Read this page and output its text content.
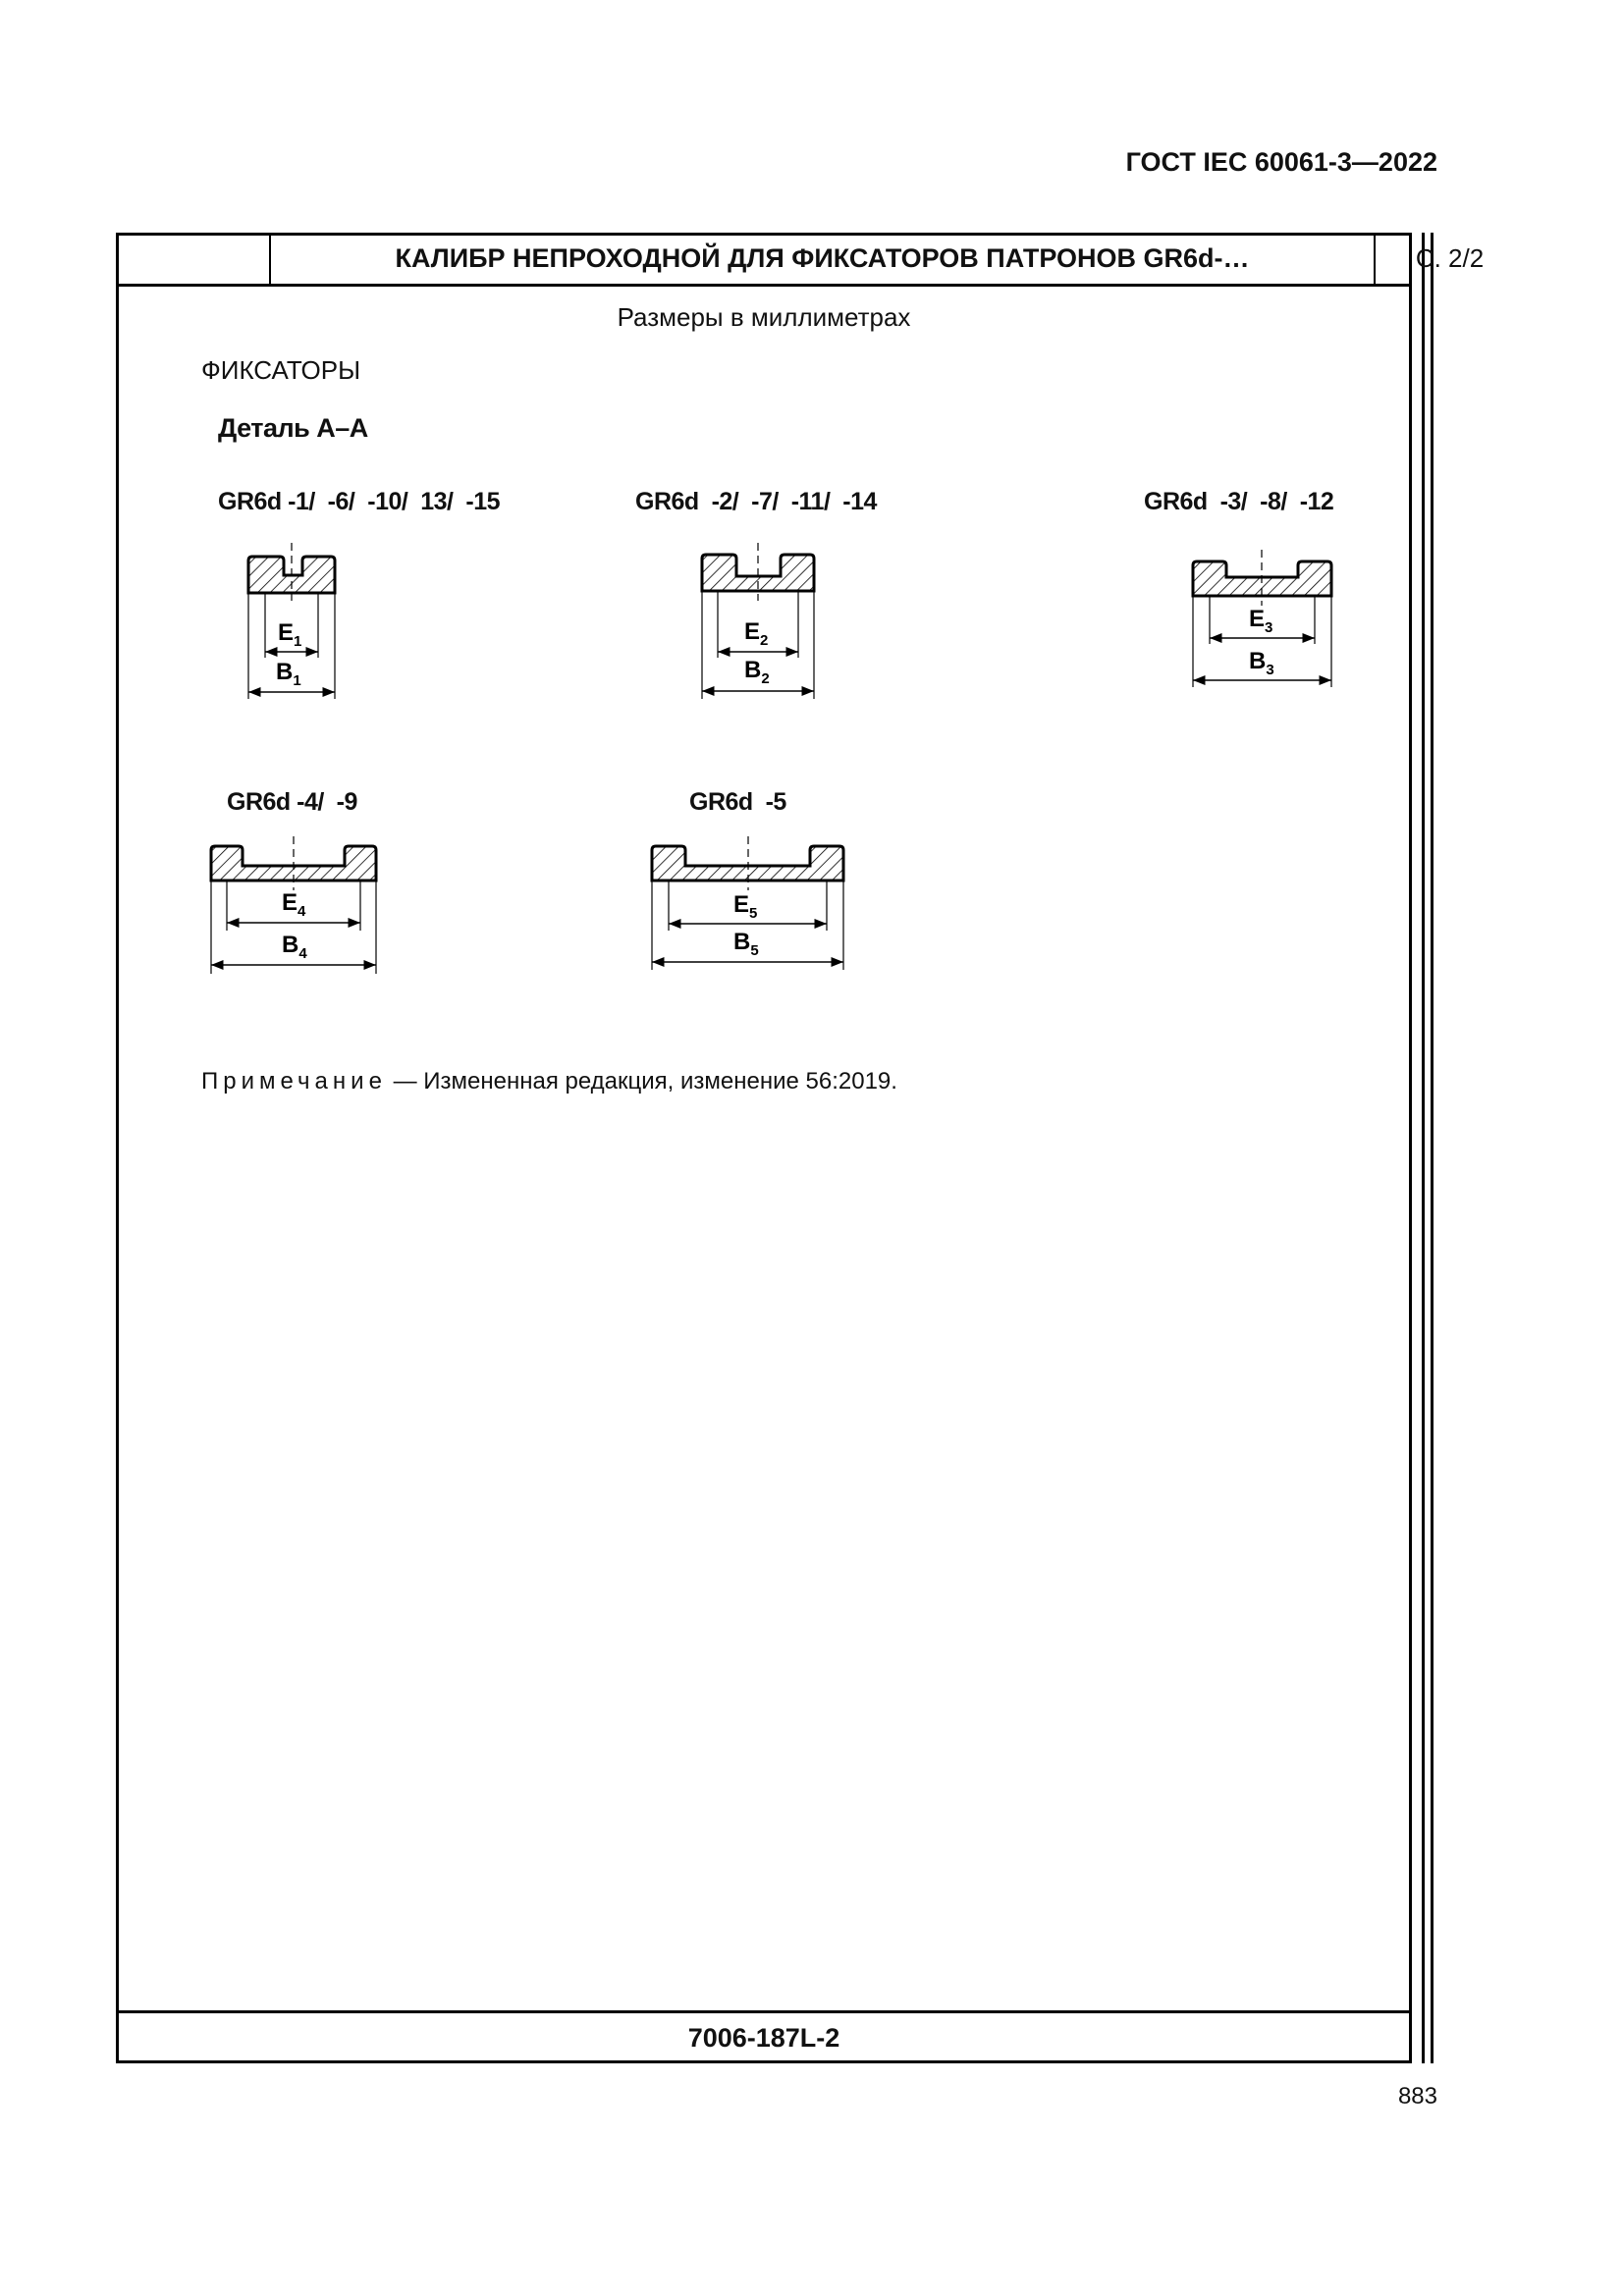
ГОСТ IEC 60061-3—2022
КАЛИБР НЕПРОХОДНОЙ ДЛЯ ФИКСАТОРОВ ПАТРОНОВ GR6d-…	С. 2/2
Размеры в миллиметрах
ФИКСАТОРЫ
Деталь А–А
GR6d -1/  -6/  -10/  13/  -15	GR6d  -2/  -7/  -11/  -14	GR6d  -3/  -8/  -12
GR6d -4/  -9	GR6d  -5
$E_1$
$B_1$
$E_2$
$B_2$
$E_3$
$B_3$
$E_4$
$B_4$
$E_5$
$B_5$
Примечание — Измененная редакция, изменение 56:2019.
7006-187L-2
883
